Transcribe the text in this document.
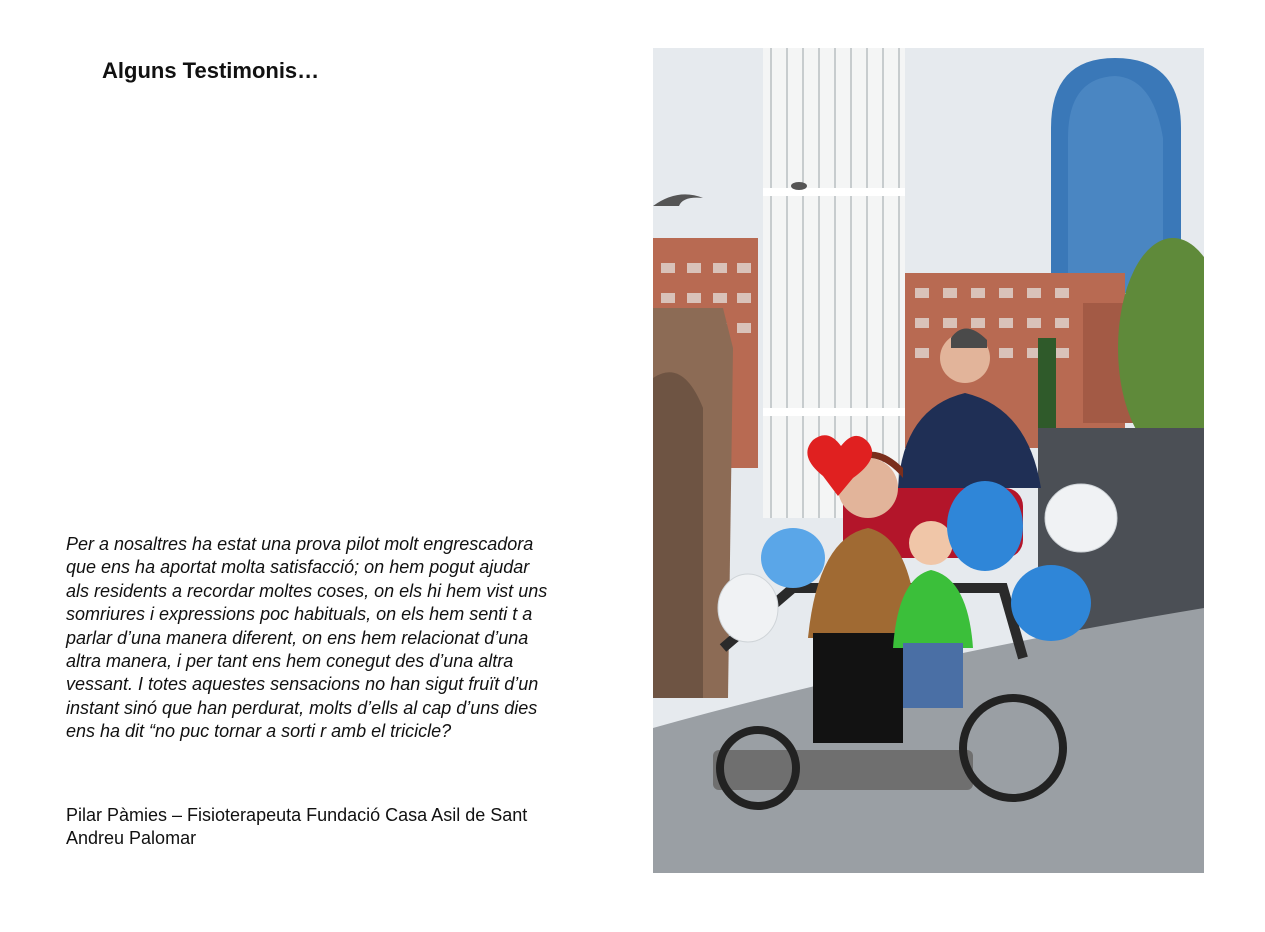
Alguns Testimonis…

Per a nosaltres ha estat una prova pilot molt engrescadora
que ens ha aportat molta satisfacció; on hem pogut ajudar
als residents a recordar moltes coses, on els hi hem vist uns
somriures i expressions poc habituals, on els hem senti t a
parlar d’una manera diferent, on ens hem relacionat d’una
altra manera, i per tant ens hem conegut des d’una altra
vessant. I totes aquestes sensacions no han sigut fruït d’un
instant sinó que han perdurat, molts d’ells al cap d’uns dies
ens ha dit “no puc tornar a sorti r amb el tricicle?

Pilar Pàmies – Fisioterapeuta Fundació Casa Asil de Sant
Andreu Palomar
